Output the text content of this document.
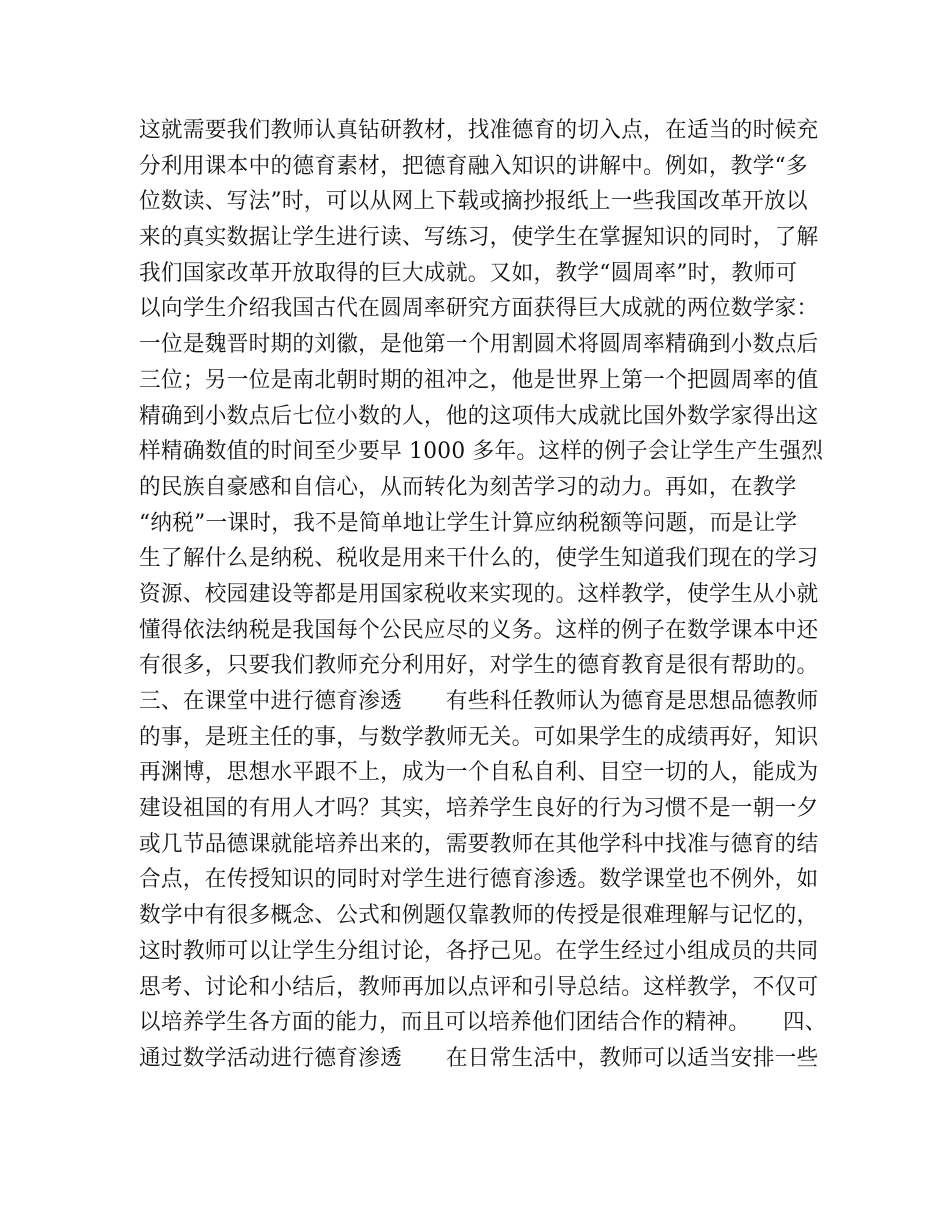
这就需要我们教师认真钻研教材，找准德育的切入点，在适当的时候充
分利用课本中的德育素材，把德育融入知识的讲解中。例如，教学“多
位数读、写法”时，可以从网上下载或摘抄报纸上一些我国改革开放以
来的真实数据让学生进行读、写练习，使学生在掌握知识的同时，了解
我们国家改革开放取得的巨大成就。又如，教学“圆周率”时，教师可
以向学生介绍我国古代在圆周率研究方面获得巨大成就的两位数学家：
一位是魏晋时期的刘徽，是他第一个用割圆术将圆周率精确到小数点后
三位；另一位是南北朝时期的祖冲之，他是世界上第一个把圆周率的值
精确到小数点后七位小数的人，他的这项伟大成就比国外数学家得出这
样精确数值的时间至少要早 1000 多年。这样的例子会让学生产生强烈
的民族自豪感和自信心，从而转化为刻苦学习的动力。再如，在教学
“纳税”一课时，我不是简单地让学生计算应纳税额等问题，而是让学
生了解什么是纳税、税收是用来干什么的，使学生知道我们现在的学习
资源、校园建设等都是用国家税收来实现的。这样教学，使学生从小就
懂得依法纳税是我国每个公民应尽的义务。这样的例子在数学课本中还
有很多，只要我们教师充分利用好，对学生的德育教育是很有帮助的。
三、在课堂中进行德育渗透　　有些科任教师认为德育是思想品德教师
的事，是班主任的事，与数学教师无关。可如果学生的成绩再好，知识
再渊博，思想水平跟不上，成为一个自私自利、目空一切的人，能成为
建设祖国的有用人才吗？其实，培养学生良好的行为习惯不是一朝一夕
或几节品德课就能培养出来的，需要教师在其他学科中找准与德育的结
合点，在传授知识的同时对学生进行德育渗透。数学课堂也不例外，如
数学中有很多概念、公式和例题仅靠教师的传授是很难理解与记忆的，
这时教师可以让学生分组讨论，各抒己见。在学生经过小组成员的共同
思考、讨论和小结后，教师再加以点评和引导总结。这样教学，不仅可
以培养学生各方面的能力，而且可以培养他们团结合作的精神。　　四、
通过数学活动进行德育渗透　　在日常生活中，教师可以适当安排一些
